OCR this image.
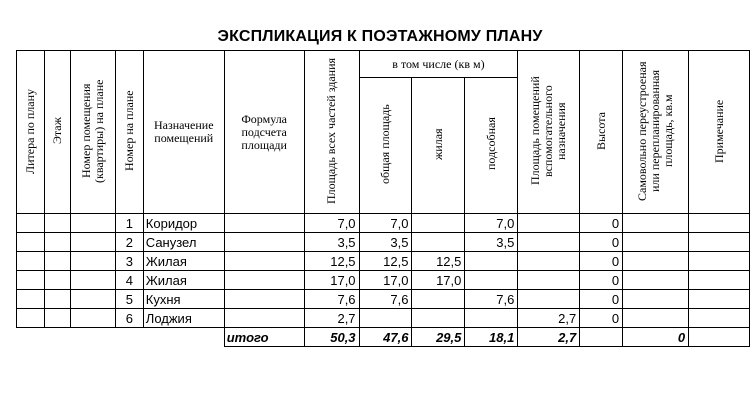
ЭКСПЛИКАЦИЯ К ПОЭТАЖНОМУ ПЛАНУ
Литера по плану	Этаж	Номер помещения (квартиры) на плане	Номер на плане	Назначение помещений	Формула подсчета площади	Площадь всех частей здания	в том числе (кв м)			Площадь помещений вспомогательного назначения	Высота	Самовольно переустроеная или перепланированная площадь, кв.м	Примечание
							общая площадь	жилая	подсобная				
			1	Коридор		7,0	7,0		7,0		0		
			2	Санузел		3,5	3,5		3,5		0		
			3	Жилая		12,5	12,5	12,5			0		
			4	Жилая		17,0	17,0	17,0			0		
			5	Кухня		7,6	7,6		7,6		0		
			6	Лоджия		2,7				2,7	0		
					итого	50,3	47,6	29,5	18,1	2,7		0	
